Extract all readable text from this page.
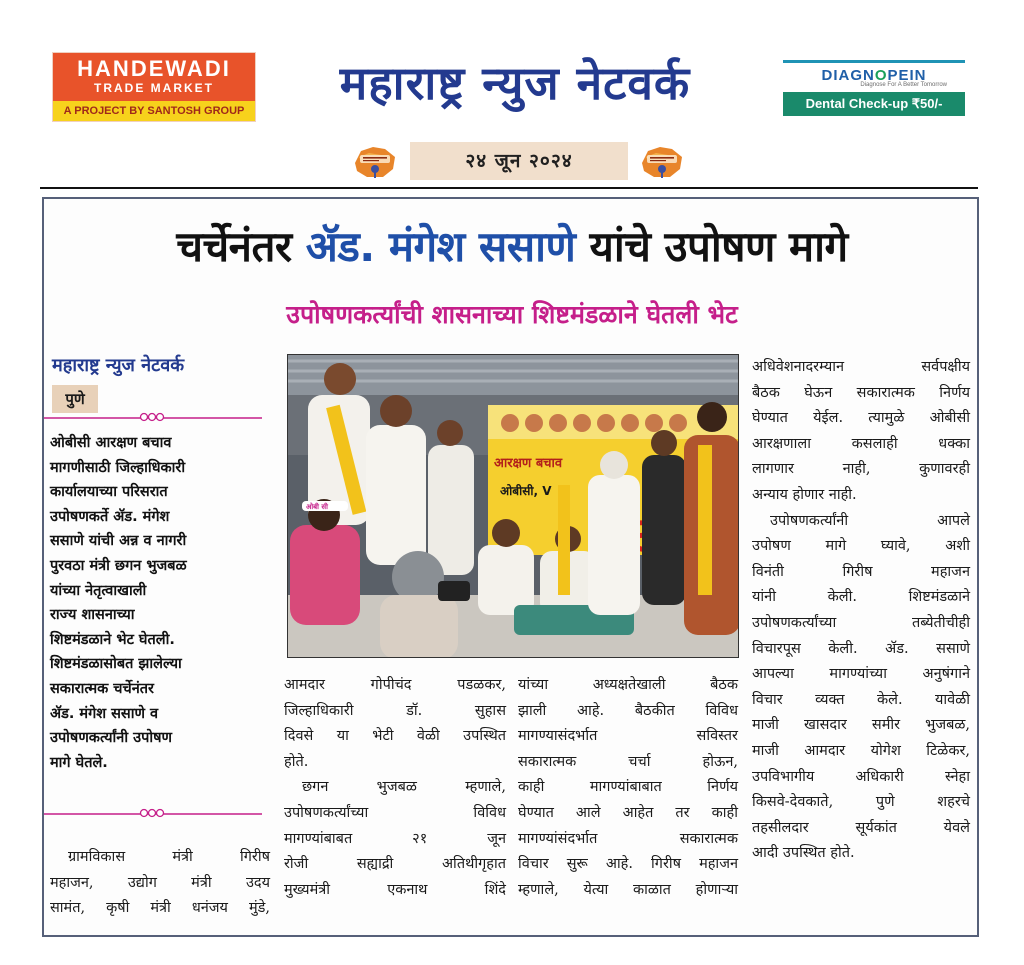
HANDEWADI
TRADE MARKET
A PROJECT BY SANTOSH GROUP
महाराष्ट्र न्युज नेटवर्क	DIAGNOPEIN
Diagnose For A Better Tomorrow
Dental Check-up ₹50/-
२४ जून २०२४
चर्चेनंतर ॲड. मंगेश ससाणे यांचे उपोषण मागे
उपोषणकर्त्यांची शासनाच्या शिष्टमंडळाने घेतली भेट
महाराष्ट्र न्युज नेटवर्क
पुणे
ओबीसी आरक्षण बचाव
मागणीसाठी जिल्हाधिकारी
कार्यालयाच्या परिसरात
उपोषणकर्ते ॲड. मंगेश
ससाणे यांची अन्न व नागरी
पुरवठा मंत्री छगन भुजबळ
यांच्या नेतृत्वाखाली
राज्य शासनाच्या
शिष्टमंडळाने भेट घेतली.
शिष्टमंडळासोबत झालेल्या
सकारात्मक चर्चेनंतर
ॲड. मंगेश ससाणे व
उपोषणकर्त्यांनी उपोषण
मागे घेतले.
ग्रामविकास मंत्री गिरीष
महाजन, उद्योग मंत्री उदय
सामंत, कृषी मंत्री धनंजय मुंडे,
आरक्षण बचाव
ओबीसी, V
ओबी सी
आमदार गोपीचंद पडळकर,
जिल्हाधिकारी डॉ. सुहास
दिवसे या भेटी वेळी उपस्थित
होते.
छगन भुजबळ म्हणाले,
उपोषणकर्त्यांच्या विविध
मागण्यांबाबत २१ जून
रोजी सह्याद्री अतिथीगृहात
मुख्यमंत्री एकनाथ शिंदे
यांच्या अध्यक्षतेखाली बैठक
झाली आहे. बैठकीत विविध
मागण्यासंदर्भात सविस्तर
सकारात्मक चर्चा होऊन,
काही मागण्यांबाबात निर्णय
घेण्यात आले आहेत तर काही
मागण्यांसंदर्भात सकारात्मक
विचार सुरू आहे. गिरीष महाजन
म्हणाले, येत्या काळात होणाऱ्या
अधिवेशनादरम्यान सर्वपक्षीय
बैठक घेऊन सकारात्मक निर्णय
घेण्यात येईल. त्यामुळे ओबीसी
आरक्षणाला कसलाही धक्का
लागणार नाही, कुणावरही
अन्याय होणार नाही.
उपोषणकर्त्यांनी आपले
उपोषण मागे घ्यावे, अशी
विनंती गिरीष महाजन
यांनी केली. शिष्टमंडळाने
उपोषणकर्त्यांच्या तब्येतीचीही
विचारपूस केली. ॲड. ससाणे
आपल्या मागण्यांच्या अनुषंगाने
विचार व्यक्त केले. यावेळी
माजी खासदार समीर भुजबळ,
माजी आमदार योगेश टिळेकर,
उपविभागीय अधिकारी स्नेहा
किसवे-देवकाते, पुणे शहरचे
तहसीलदार सूर्यकांत येवले
आदी उपस्थित होते.
